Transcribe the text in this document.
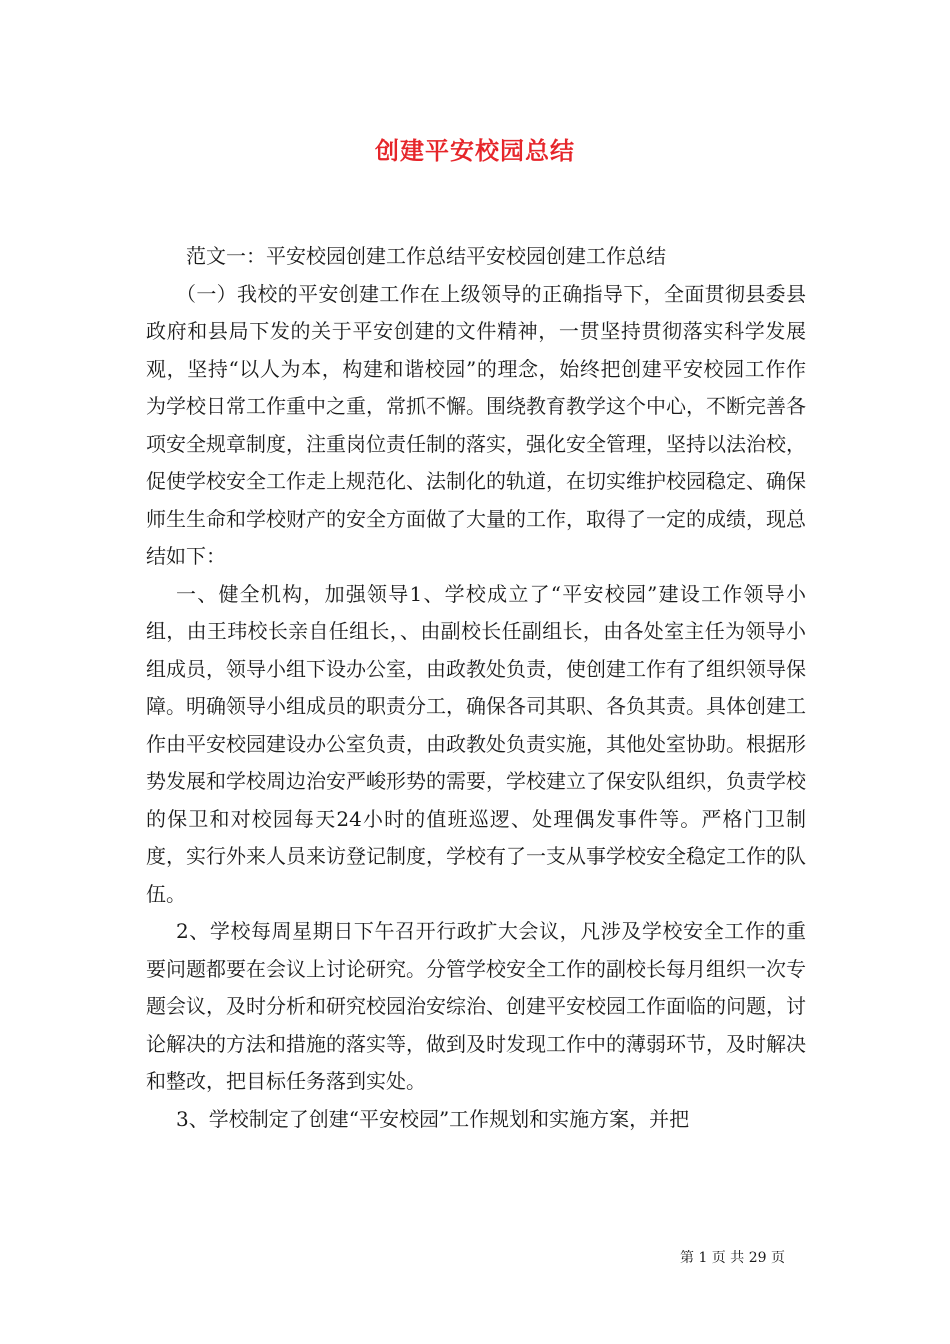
创建平安校园总结

范文一：平安校园创建工作总结平安校园创建工作总结

（一）我校的平安创建工作在上级领导的正确指导下，全面贯彻县委县政府和县局下发的关于平安创建的文件精神，一贯坚持贯彻落实科学发展观，坚持“以人为本，构建和谐校园”的理念，始终把创建平安校园工作作为学校日常工作重中之重，常抓不懈。围绕教育教学这个中心，不断完善各项安全规章制度，注重岗位责任制的落实，强化安全管理，坚持以法治校，促使学校安全工作走上规范化、法制化的轨道，在切实维护校园稳定、确保师生生命和学校财产的安全方面做了大量的工作，取得了一定的成绩，现总结如下：

一、健全机构，加强领导1、学校成立了“平安校园”建设工作领导小组，由王玮校长亲自任组长，、由副校长任副组长，由各处室主任为领导小组成员，领导小组下设办公室，由政教处负责，使创建工作有了组织领导保障。明确领导小组成员的职责分工，确保各司其职、各负其责。具体创建工作由平安校园建设办公室负责，由政教处负责实施，其他处室协助。根据形势发展和学校周边治安严峻形势的需要，学校建立了保安队组织，负责学校的保卫和对校园每天24小时的值班巡逻、处理偶发事件等。严格门卫制度，实行外来人员来访登记制度，学校有了一支从事学校安全稳定工作的队伍。

2、学校每周星期日下午召开行政扩大会议，凡涉及学校安全工作的重要问题都要在会议上讨论研究。分管学校安全工作的副校长每月组织一次专题会议，及时分析和研究校园治安综治、创建平安校园工作面临的问题，讨论解决的方法和措施的落实等，做到及时发现工作中的薄弱环节，及时解决和整改，把目标任务落到实处。

3、学校制定了创建“平安校园”工作规划和实施方案，并把

第 1 页 共 29 页
